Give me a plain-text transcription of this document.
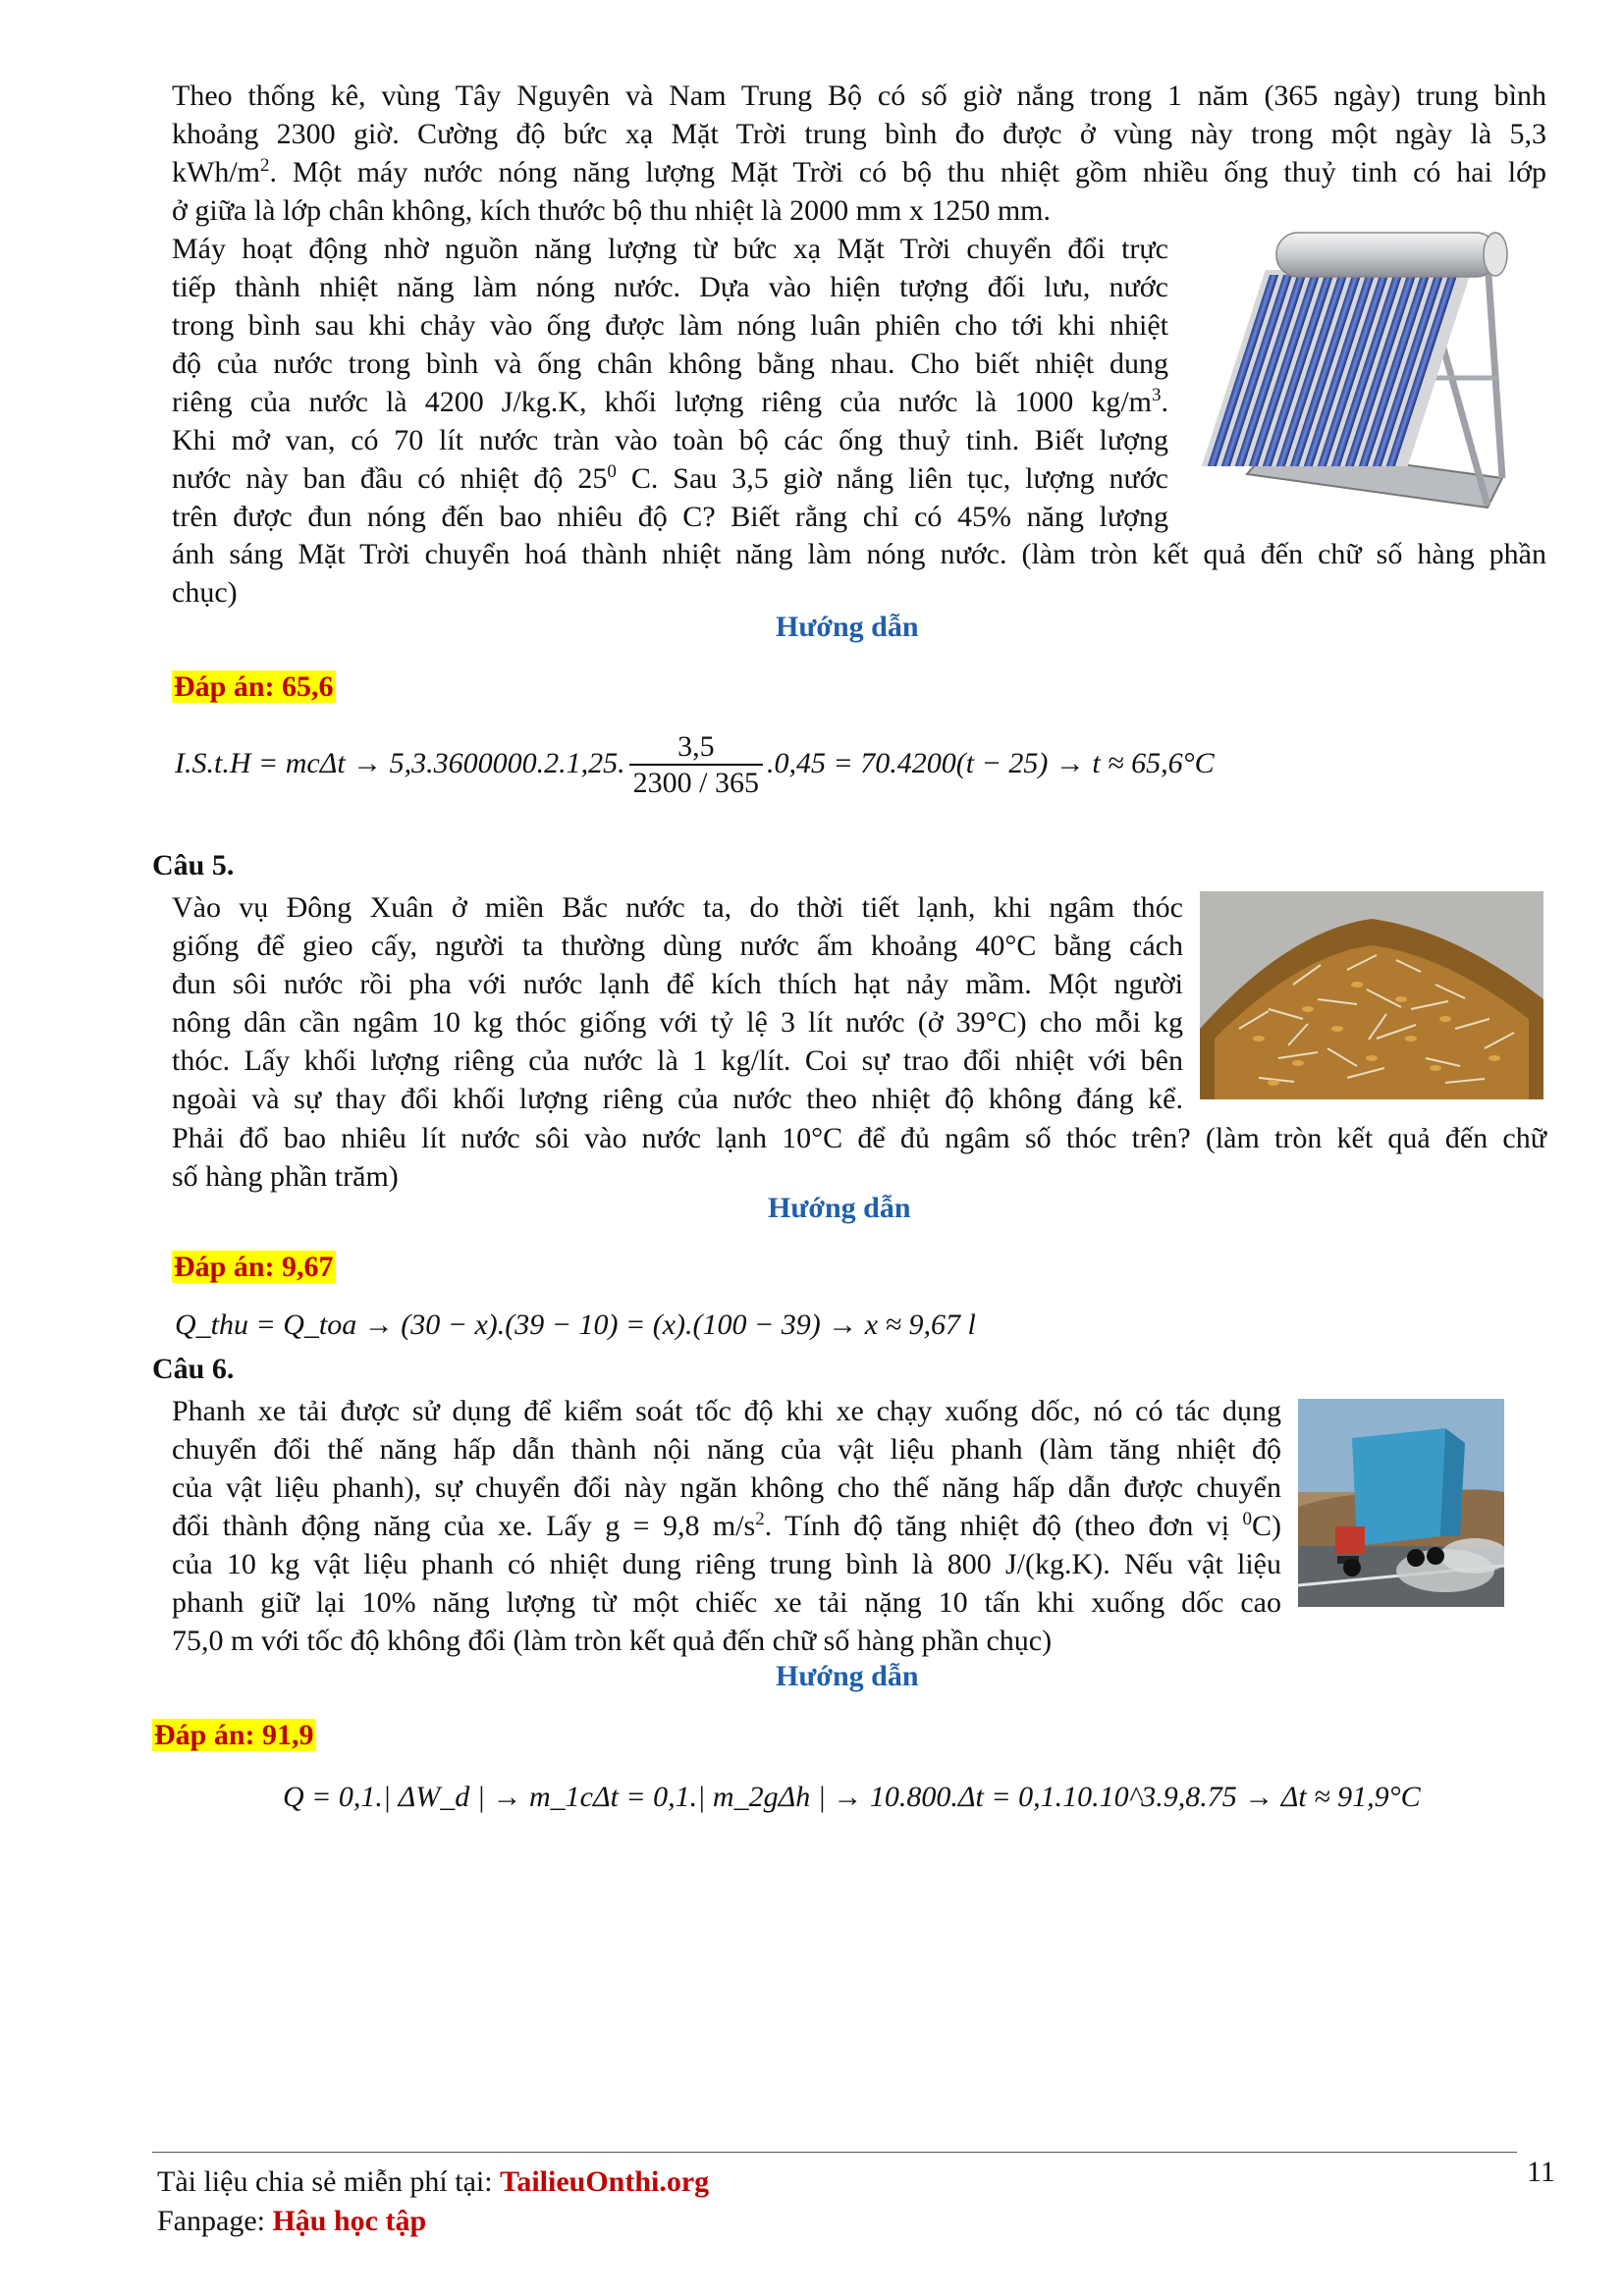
Theo thống kê, vùng Tây Nguyên và Nam Trung Bộ có số giờ nắng trong 1 năm (365 ngày) trung bình
khoảng 2300 giờ. Cường độ bức xạ Mặt Trời trung bình đo được ở vùng này trong một ngày là 5,3
kWh/$m^2$. Một máy nước nóng năng lượng Mặt Trời có bộ thu nhiệt gồm nhiều ống thuỷ tinh có hai lớp
ở giữa là lớp chân không, kích thước bộ thu nhiệt là 2000 mm x 1250 mm.
Máy hoạt động nhờ nguồn năng lượng từ bức xạ Mặt Trời chuyển đổi trực
tiếp thành nhiệt năng làm nóng nước. Dựa vào hiện tượng đối lưu, nước
trong bình sau khi chảy vào ống được làm nóng luân phiên cho tới khi nhiệt
độ của nước trong bình và ống chân không bằng nhau. Cho biết nhiệt dung
riêng của nước là 4200 J/kg.K, khối lượng riêng của nước là 1000 $kg/m^3$.
Khi mở van, có 70 lít nước tràn vào toàn bộ các ống thuỷ tinh. Biết lượng
nước này ban đầu có nhiệt độ $25^0$ C. Sau 3,5 giờ nắng liên tục, lượng nước
trên được đun nóng đến bao nhiêu độ C? Biết rằng chỉ có 45% năng lượng
ánh sáng Mặt Trời chuyển hoá thành nhiệt năng làm nóng nước. (làm tròn kết quả đến chữ số hàng phần
chục)
Hướng dẫn
Đáp án: 65,6
I.S.t.H = mcΔt → 5,3.3600000.2.1,25. $\frac{3,5}{2300 / 365} .0,45 = 70.4200(t - 25) \to t \approx 65,6^\circ C$
Câu 5.
Vào vụ Đông Xuân ở miền Bắc nước ta, do thời tiết lạnh, khi ngâm thóc
giống để gieo cấy, người ta thường dùng nước ấm khoảng 40°C bằng cách
đun sôi nước rồi pha với nước lạnh để kích thích hạt nảy mầm. Một người
nông dân cần ngâm 10 kg thóc giống với tỷ lệ 3 lít nước (ở 39°C) cho mỗi kg
thóc. Lấy khối lượng riêng của nước là 1 kg/lít. Coi sự trao đổi nhiệt với bên
ngoài và sự thay đổi khối lượng riêng của nước theo nhiệt độ không đáng kể.
Phải đổ bao nhiêu lít nước sôi vào nước lạnh 10°C để đủ ngâm số thóc trên? (làm tròn kết quả đến chữ
số hàng phần trăm)
Hướng dẫn
Đáp án: 9,67
Q_thu = Q_toa → (30 − x).(39 − 10) = (x).(100 − 39) → x ≈ 9,67 l
Câu 6.
Phanh xe tải được sử dụng để kiểm soát tốc độ khi xe chạy xuống dốc, nó có tác dụng
chuyển đổi thế năng hấp dẫn thành nội năng của vật liệu phanh (làm tăng nhiệt độ
của vật liệu phanh), sự chuyển đổi này ngăn không cho thế năng hấp dẫn được chuyển
đổi thành động năng của xe. Lấy g = 9,8 $m/s^2$. Tính độ tăng nhiệt độ (theo đơn vị $^0$C)
của 10 kg vật liệu phanh có nhiệt dung riêng trung bình là 800 J/(kg.K). Nếu vật liệu
phanh giữ lại 10% năng lượng từ một chiếc xe tải nặng 10 tấn khi xuống dốc cao
75,0 m với tốc độ không đổi (làm tròn kết quả đến chữ số hàng phần chục)
Hướng dẫn
Đáp án: 91,9
Q = 0,1.| ΔW_d | → m_1cΔt = 0,1.| m_2gΔh | → 10.800.Δt = 0,1.10.10^3.9,8.75 → Δt ≈ 91,9°C
Tài liệu chia sẻ miễn phí tại: TailieuOnthi.org
Fanpage: Hậu học tập
11
